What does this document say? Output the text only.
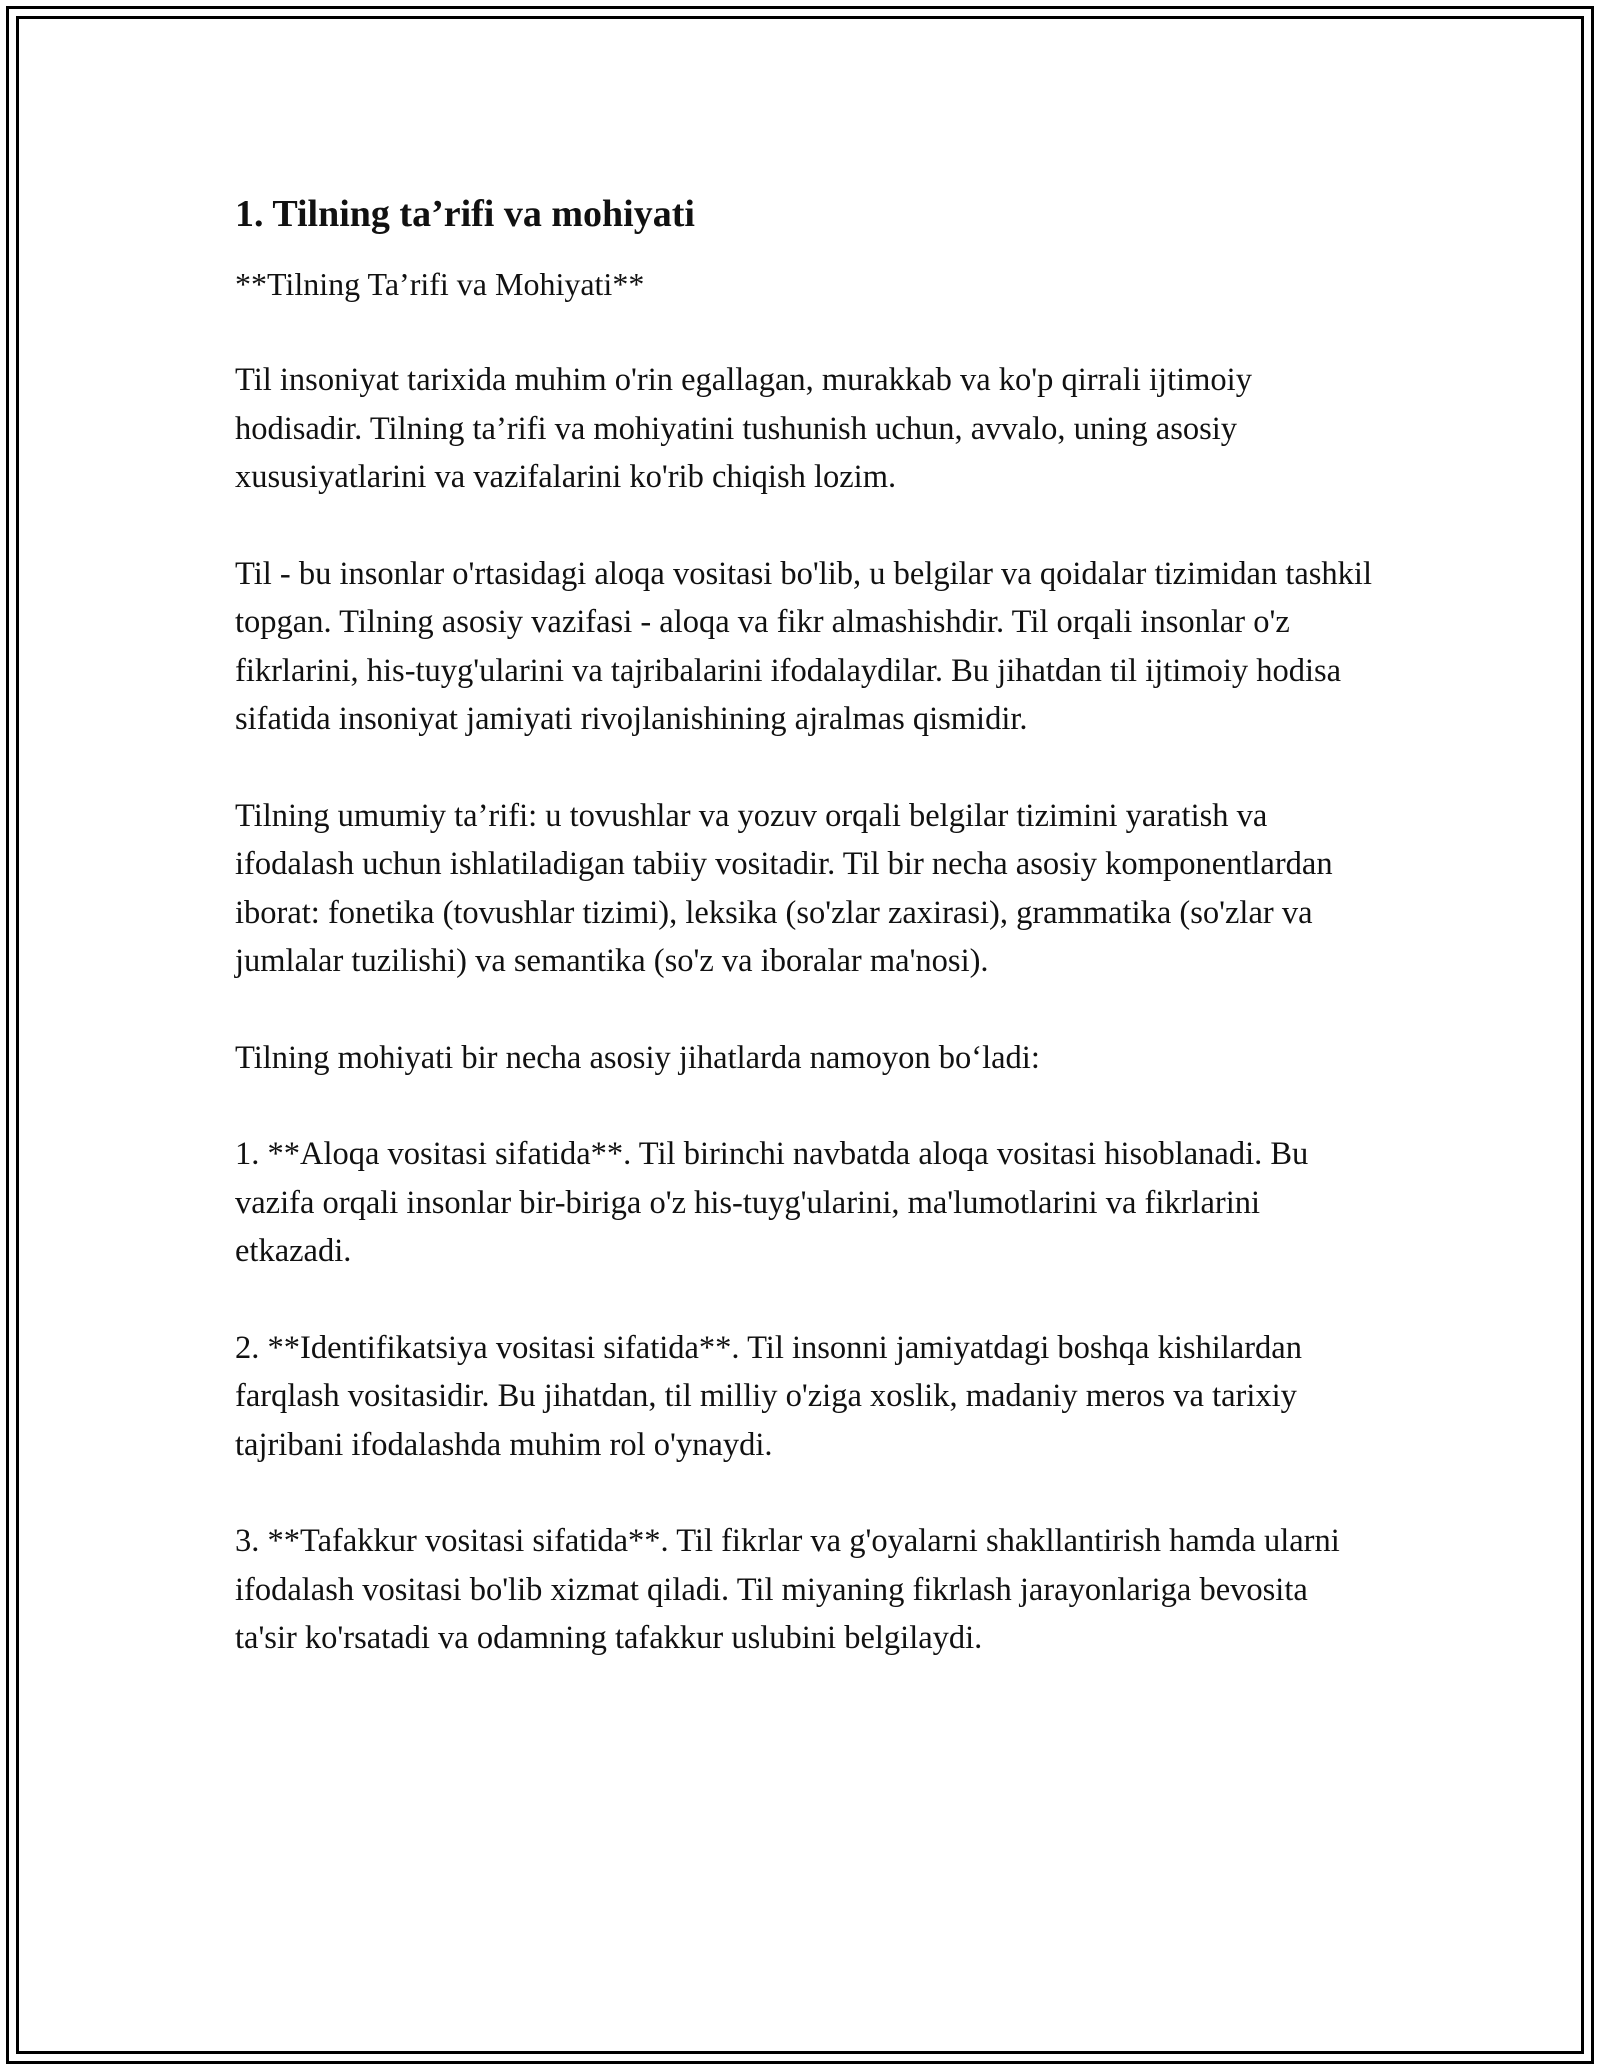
1. Tilning ta’rifi va mohiyati
**Tilning Ta’rifi va Mohiyati**

Til insoniyat tarixida muhim o'rin egallagan, murakkab va ko'p qirrali ijtimoiy hodisadir. Tilning ta’rifi va mohiyatini tushunish uchun, avvalo, uning asosiy xususiyatlarini va vazifalarini ko'rib chiqish lozim.

Til - bu insonlar o'rtasidagi aloqa vositasi bo'lib, u belgilar va qoidalar tizimidan tashkil topgan. Tilning asosiy vazifasi - aloqa va fikr almashishdir. Til orqali insonlar o'z fikrlarini, his-tuyg'ularini va tajribalarini ifodalaydilar. Bu jihatdan til ijtimoiy hodisa sifatida insoniyat jamiyati rivojlanishining ajralmas qismidir.

Tilning umumiy ta’rifi: u tovushlar va yozuv orqali belgilar tizimini yaratish va ifodalash uchun ishlatiladigan tabiiy vositadir. Til bir necha asosiy komponentlardan iborat: fonetika (tovushlar tizimi), leksika (so'zlar zaxirasi), grammatika (so'zlar va jumlalar tuzilishi) va semantika (so'z va iboralar ma'nosi).

Tilning mohiyati bir necha asosiy jihatlarda namoyon bo‘ladi:

1. **Aloqa vositasi sifatida**. Til birinchi navbatda aloqa vositasi hisoblanadi. Bu vazifa orqali insonlar bir-biriga o'z his-tuyg'ularini, ma'lumotlarini va fikrlarini etkazadi.

2. **Identifikatsiya vositasi sifatida**. Til insonni jamiyatdagi boshqa kishilardan farqlash vositasidir. Bu jihatdan, til milliy o'ziga xoslik, madaniy meros va tarixiy tajribani ifodalashda muhim rol o'ynaydi.

3. **Tafakkur vositasi sifatida**. Til fikrlar va g'oyalarni shakllantirish hamda ularni ifodalash vositasi bo'lib xizmat qiladi. Til miyaning fikrlash jarayonlariga bevosita ta'sir ko'rsatadi va odamning tafakkur uslubini belgilaydi.
